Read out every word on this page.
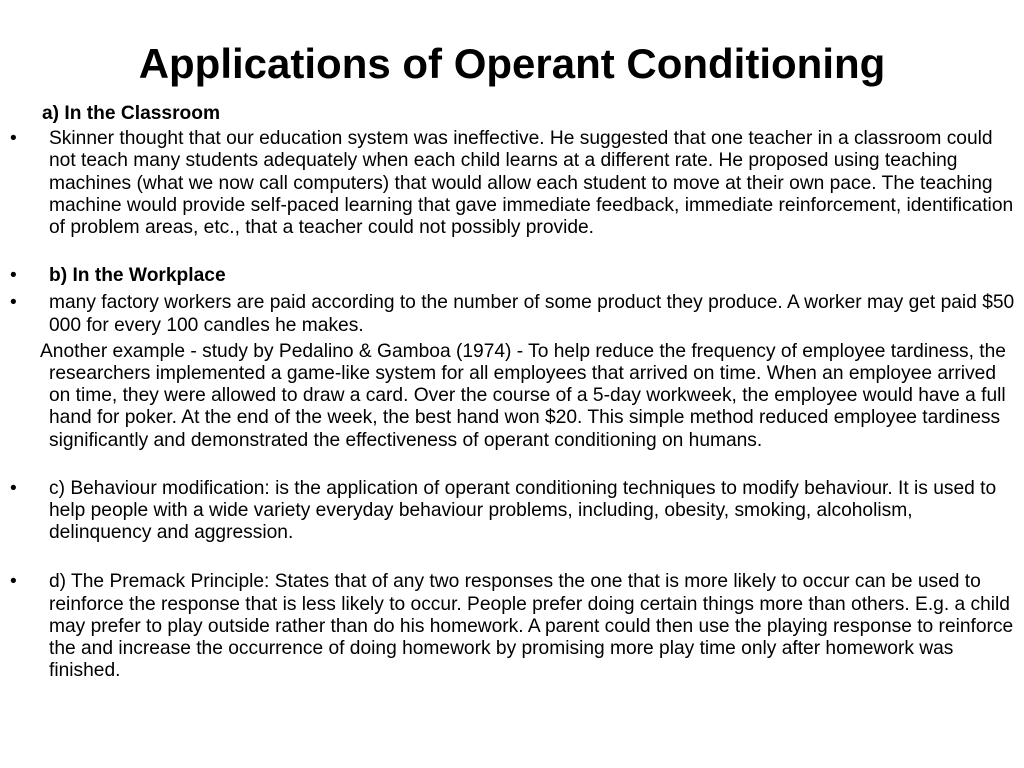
Applications of Operant Conditioning

a) In the Classroom

• Skinner thought that our education system was ineffective. He suggested that one teacher in a classroom could not teach many students adequately when each child learns at a different rate. He proposed using teaching machines (what we now call computers) that would allow each student to move at their own pace. The teaching machine would provide self-paced learning that gave immediate feedback, immediate reinforcement, identification of problem areas, etc., that a teacher could not possibly provide.

• b) In the Workplace

• many factory workers are paid according to the number of some product they produce. A worker may get paid $50 000 for every 100 candles he makes.

Another example - study by Pedalino & Gamboa (1974) - To help reduce the frequency of employee tardiness, the researchers implemented a game-like system for all employees that arrived on time. When an employee arrived on time, they were allowed to draw a card. Over the course of a 5-day workweek, the employee would have a full hand for poker. At the end of the week, the best hand won $20. This simple method reduced employee tardiness significantly and demonstrated the effectiveness of operant conditioning on humans.

• c) Behaviour modification: is the application of operant conditioning techniques to modify behaviour. It is used to help people with a wide variety everyday behaviour problems, including, obesity, smoking, alcoholism, delinquency and aggression.

• d) The Premack Principle: States that of any two responses the one that is more likely to occur can be used to reinforce the response that is less likely to occur. People prefer doing certain things more than others. E.g. a child may prefer to play outside rather than do his homework. A parent could then use the playing response to reinforce the and increase the occurrence of doing homework by promising more play time only after homework was finished.
